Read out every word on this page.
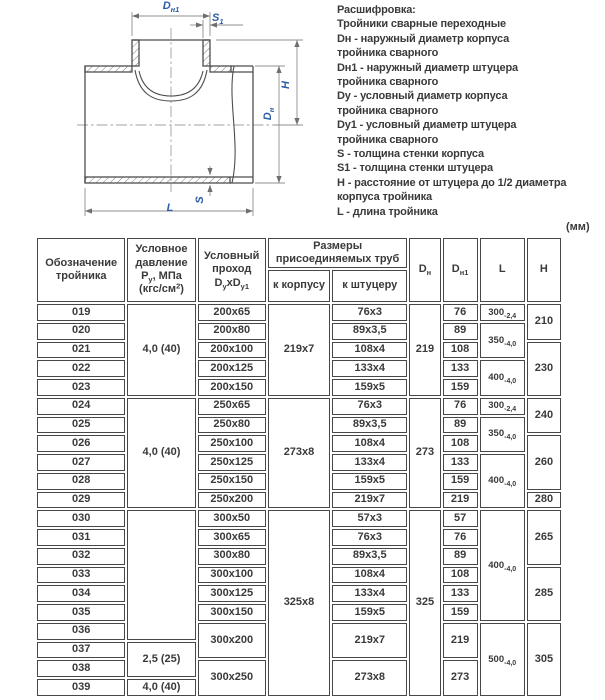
$D_{н1}$
$S_1$
H
$D_н$
S
L
Расшифровка:
Тройники сварные переходные
Dн - наружный диаметр корпуса
тройника сварного
Dн1 - наружный диаметр штуцера
тройника сварного
Dу - условный диаметр корпуса
тройника сварного
Dу1 - условный диаметр штуцера
тройника сварного
S - толщина стенки корпуса
S1 - толщина стенки штуцера
H - расстояние от штуцера до 1/2 диаметра
корпуса тройника
L - длина тройника
(мм)
Обозначение тройника	Условное давление $P_у$, МПа $(кгс/см^2)$	Условный проход $D_уxD_{у1}$	Размеры присоединяемых труб		$D_н$	$D_{н1}$	L	H
			к корпусу	к штуцеру				
019	4,0 (40)	200x65	219x7	76x3	219	76	$300_{-2,4}$	210
020		200x80		89x3,5		89	$350_{-4,0}$
021		200x100		108x4		108		230
022		200x125		133x4		133	$400_{-4,0}$
023		200x150		159x5		159		
024	4,0 (40)	250x65	273x8	76x3	273	76	$300_{-2,4}$	240
025		250x80		89x3,5		89	$350_{-4,0}$
026		250x100		108x4		108		260
027		250x125		133x4		133	$400_{-4,0}$
028		250x150		159x5		159		
029		250x200		219x7		219		280
030		300x50	325x8	57x3	325	57	$400_{-4,0}$	265
031		300x65		76x3		76		
032		300x80		89x3,5		89		
033		300x100		108x4		108		285
034		300x125		133x4		133		
035		300x150		159x5		159		
036		300x200		219x7		219	$500_{-4,0}$	305
037	2,5 (25)							
038		300x250		273x8		273		
039	4,0 (40)							
